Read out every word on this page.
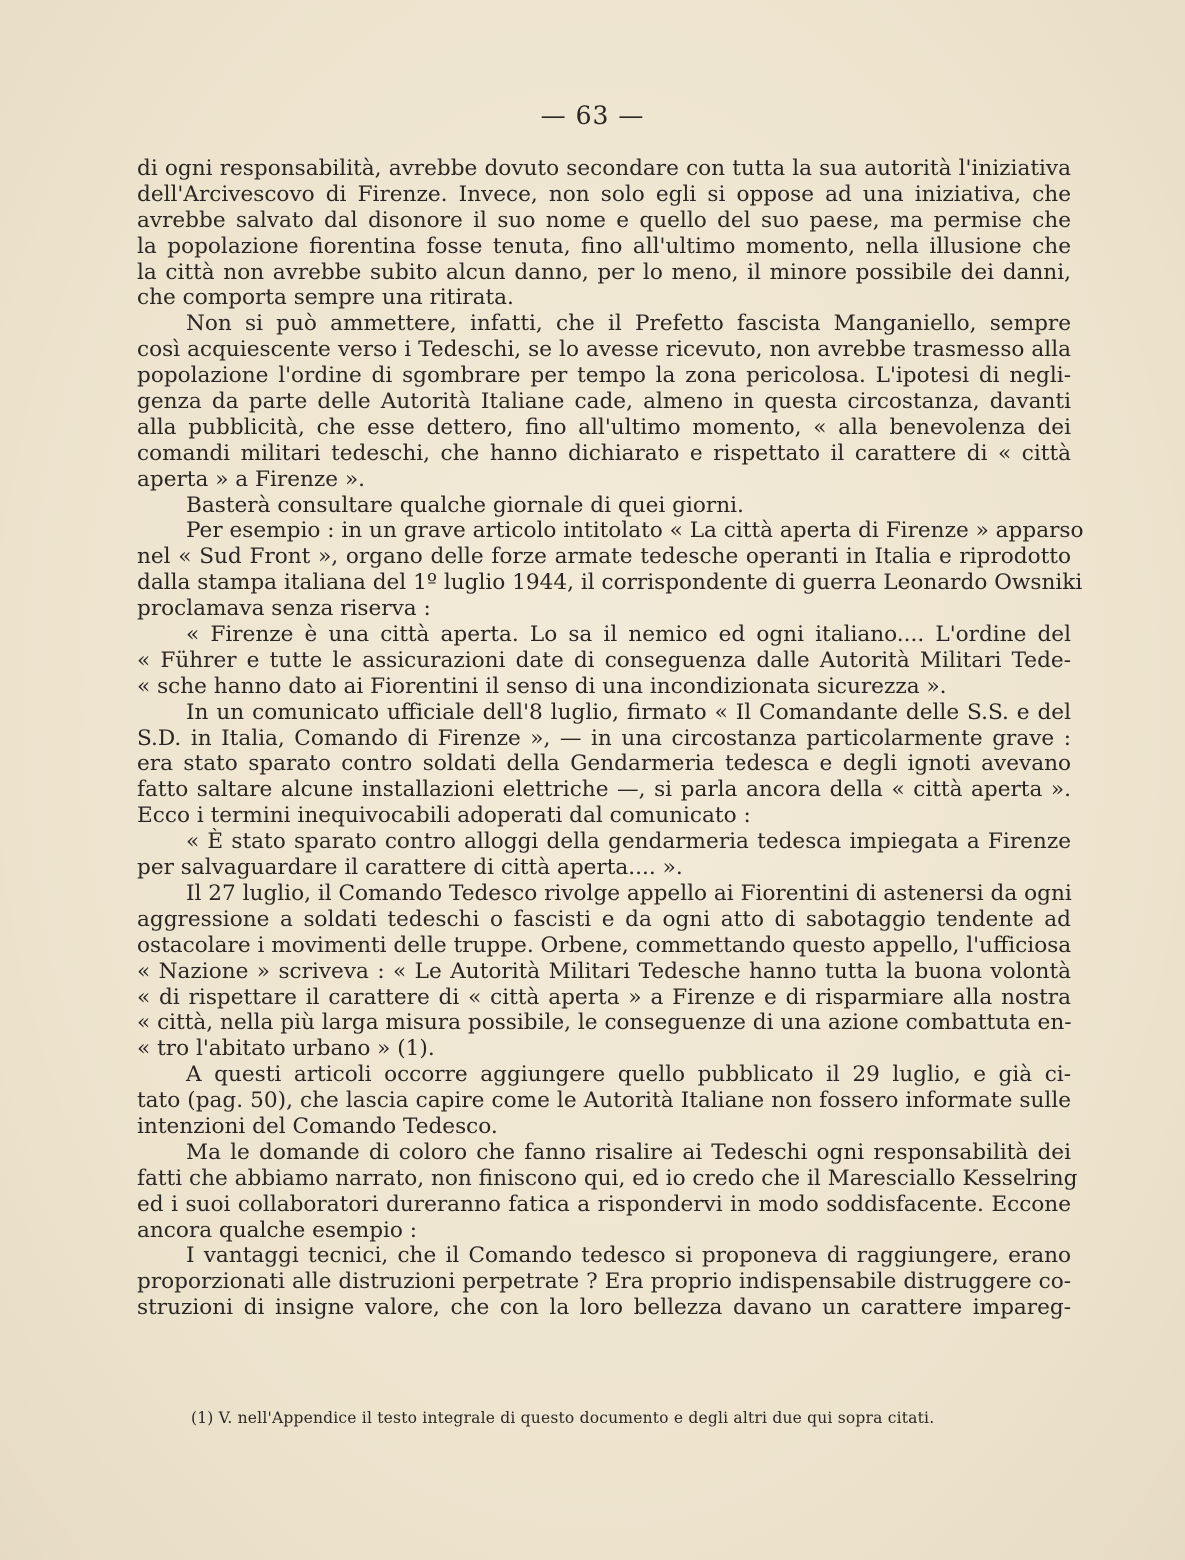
— 63 —
di ogni responsabilità, avrebbe dovuto secondare con tutta la sua autorità l'iniziativa
dell'Arcivescovo di Firenze. Invece, non solo egli si oppose ad una iniziativa, che
avrebbe salvato dal disonore il suo nome e quello del suo paese, ma permise che
la popolazione fiorentina fosse tenuta, fino all'ultimo momento, nella illusione che
la città non avrebbe subito alcun danno, per lo meno, il minore possibile dei danni,
che comporta sempre una ritirata.
Non si può ammettere, infatti, che il Prefetto fascista Manganiello, sempre
così acquiescente verso i Tedeschi, se lo avesse ricevuto, non avrebbe trasmesso alla
popolazione l'ordine di sgombrare per tempo la zona pericolosa. L'ipotesi di negli-
genza da parte delle Autorità Italiane cade, almeno in questa circostanza, davanti
alla pubblicità, che esse dettero, fino all'ultimo momento, « alla benevolenza dei
comandi militari tedeschi, che hanno dichiarato e rispettato il carattere di « città
aperta » a Firenze ».
Basterà consultare qualche giornale di quei giorni.
Per esempio : in un grave articolo intitolato « La città aperta di Firenze » apparso
nel « Sud Front », organo delle forze armate tedesche operanti in Italia e riprodotto
dalla stampa italiana del 1º luglio 1944, il corrispondente di guerra Leonardo Owsniki
proclamava senza riserva :
« Firenze è una città aperta. Lo sa il nemico ed ogni italiano.... L'ordine del
« Führer e tutte le assicurazioni date di conseguenza dalle Autorità Militari Tede-
« sche hanno dato ai Fiorentini il senso di una incondizionata sicurezza ».
In un comunicato ufficiale dell'8 luglio, firmato « Il Comandante delle S.S. e del
S.D. in Italia, Comando di Firenze », — in una circostanza particolarmente grave :
era stato sparato contro soldati della Gendarmeria tedesca e degli ignoti avevano
fatto saltare alcune installazioni elettriche —, si parla ancora della « città aperta ».
Ecco i termini inequivocabili adoperati dal comunicato :
« È stato sparato contro alloggi della gendarmeria tedesca impiegata a Firenze
per salvaguardare il carattere di città aperta.... ».
Il 27 luglio, il Comando Tedesco rivolge appello ai Fiorentini di astenersi da ogni
aggressione a soldati tedeschi o fascisti e da ogni atto di sabotaggio tendente ad
ostacolare i movimenti delle truppe. Orbene, commettando questo appello, l'ufficiosa
« Nazione » scriveva : « Le Autorità Militari Tedesche hanno tutta la buona volontà
« di rispettare il carattere di « città aperta » a Firenze e di risparmiare alla nostra
« città, nella più larga misura possibile, le conseguenze di una azione combattuta en-
« tro l'abitato urbano » (1).
A questi articoli occorre aggiungere quello pubblicato il 29 luglio, e già ci-
tato (pag. 50), che lascia capire come le Autorità Italiane non fossero informate sulle
intenzioni del Comando Tedesco.
Ma le domande di coloro che fanno risalire ai Tedeschi ogni responsabilità dei
fatti che abbiamo narrato, non finiscono qui, ed io credo che il Maresciallo Kesselring
ed i suoi collaboratori dureranno fatica a rispondervi in modo soddisfacente. Eccone
ancora qualche esempio :
I vantaggi tecnici, che il Comando tedesco si proponeva di raggiungere, erano
proporzionati alle distruzioni perpetrate ? Era proprio indispensabile distruggere co-
struzioni di insigne valore, che con la loro bellezza davano un carattere impareg-
(1) V. nell'Appendice il testo integrale di questo documento e degli altri due qui sopra citati.
